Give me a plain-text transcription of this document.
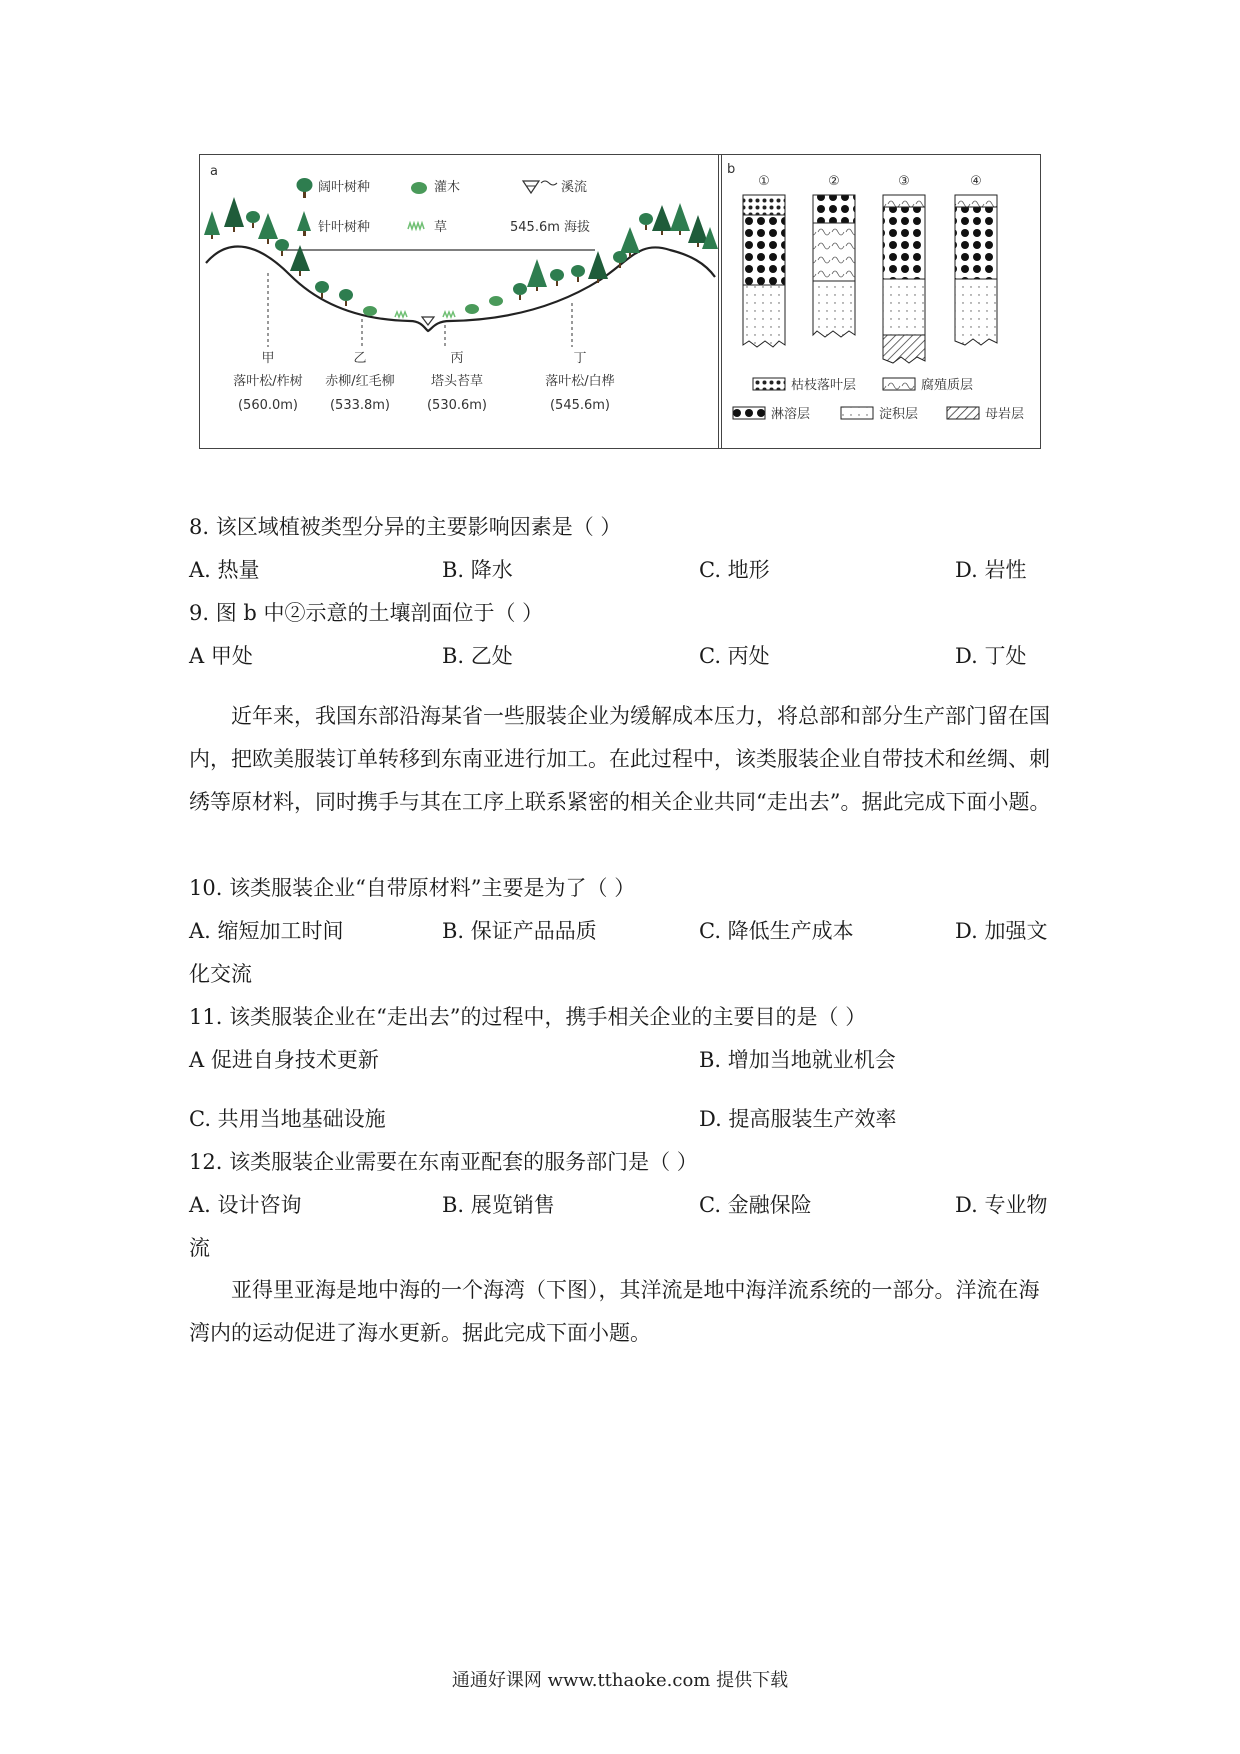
a
阔叶树种	灌木	溪流
针叶树种	草	545.6m 海拔
甲
落叶松/柞树
(560.0m)
乙
赤柳/红毛柳
(533.8m)
丙
塔头苔草
(530.6m)
丁
落叶松/白桦
(545.6m)
b
①	②	③	④
枯枝落叶层	腐殖质层
淋溶层	淀积层	母岩层
8. 该区域植被类型分异的主要影响因素是（ ）
A. 热量	B. 降水	C. 地形	D. 岩性
9. 图 b 中②示意的土壤剖面位于（ ）
A 甲处	B. 乙处	C. 丙处	D. 丁处
近年来，我国东部沿海某省一些服装企业为缓解成本压力，将总部和部分生产部门留在国内，把欧美服装订单转移到东南亚进行加工。在此过程中，该类服装企业自带技术和丝绸、刺绣等原材料，同时携手与其在工序上联系紧密的相关企业共同“走出去”。据此完成下面小题。
10. 该类服装企业“自带原材料”主要是为了（ ）
A. 缩短加工时间	B. 保证产品品质	C. 降低生产成本	D. 加强文
化交流
11. 该类服装企业在“走出去”的过程中，携手相关企业的主要目的是（ ）
A 促进自身技术更新	B. 增加当地就业机会
C. 共用当地基础设施	D. 提高服装生产效率
12. 该类服装企业需要在东南亚配套的服务部门是（ ）
A. 设计咨询	B. 展览销售	C. 金融保险	D. 专业物
流
亚得里亚海是地中海的一个海湾（下图），其洋流是地中海洋流系统的一部分。洋流在海湾内的运动促进了海水更新。据此完成下面小题。
通通好课网 www.tthaoke.com 提供下载
